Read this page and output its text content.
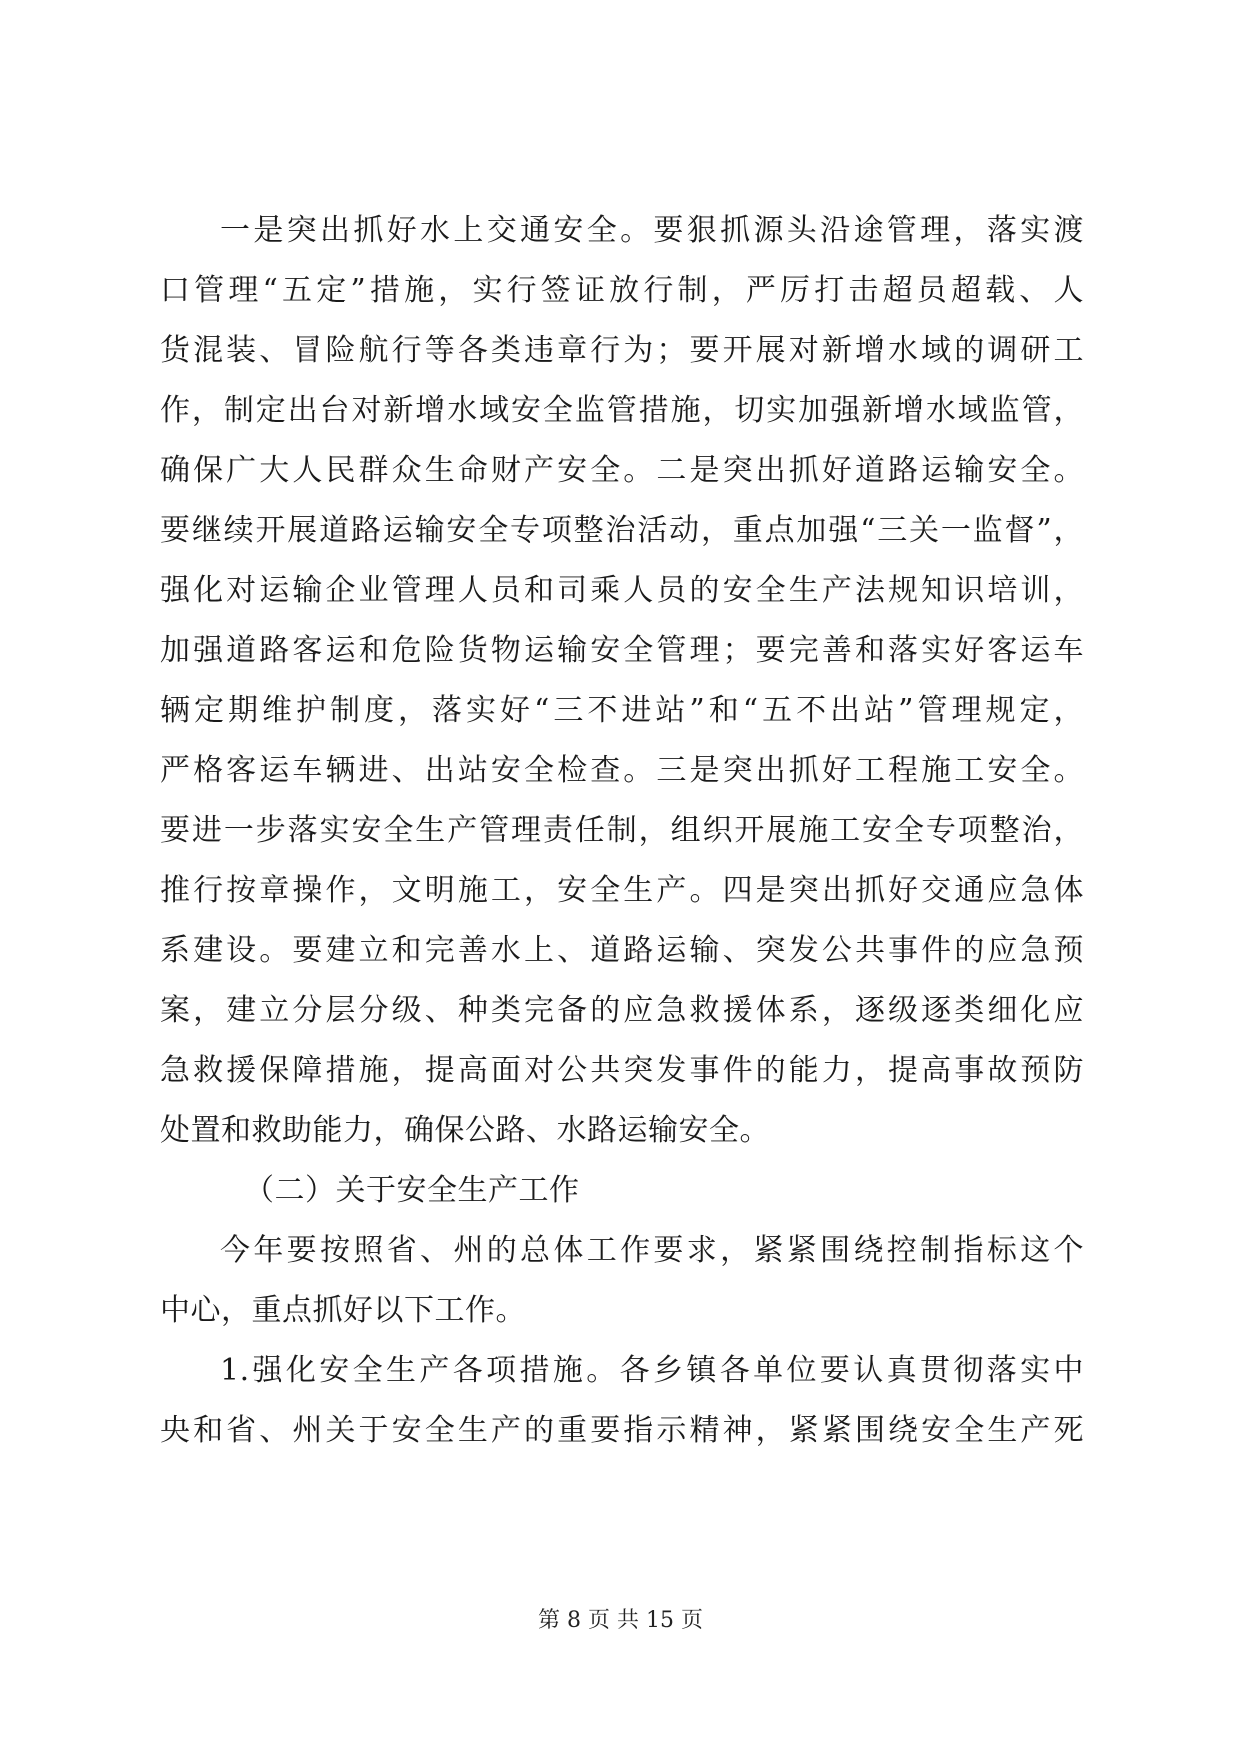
一是突出抓好水上交通安全。要狠抓源头沿途管理，落实渡
口管理“五定”措施，实行签证放行制，严厉打击超员超载、人
货混装、冒险航行等各类违章行为；要开展对新增水域的调研工
作，制定出台对新增水域安全监管措施，切实加强新增水域监管，
确保广大人民群众生命财产安全。二是突出抓好道路运输安全。
要继续开展道路运输安全专项整治活动，重点加强“三关一监督”，
强化对运输企业管理人员和司乘人员的安全生产法规知识培训，
加强道路客运和危险货物运输安全管理；要完善和落实好客运车
辆定期维护制度，落实好“三不进站”和“五不出站”管理规定，
严格客运车辆进、出站安全检查。三是突出抓好工程施工安全。
要进一步落实安全生产管理责任制，组织开展施工安全专项整治，
推行按章操作，文明施工，安全生产。四是突出抓好交通应急体
系建设。要建立和完善水上、道路运输、突发公共事件的应急预
案，建立分层分级、种类完备的应急救援体系，逐级逐类细化应
急救援保障措施，提高面对公共突发事件的能力，提高事故预防
处置和救助能力，确保公路、水路运输安全。
（二）关于安全生产工作
今年要按照省、州的总体工作要求，紧紧围绕控制指标这个
中心，重点抓好以下工作。
1.强化安全生产各项措施。各乡镇各单位要认真贯彻落实中
央和省、州关于安全生产的重要指示精神，紧紧围绕安全生产死
第 8 页 共 15 页
